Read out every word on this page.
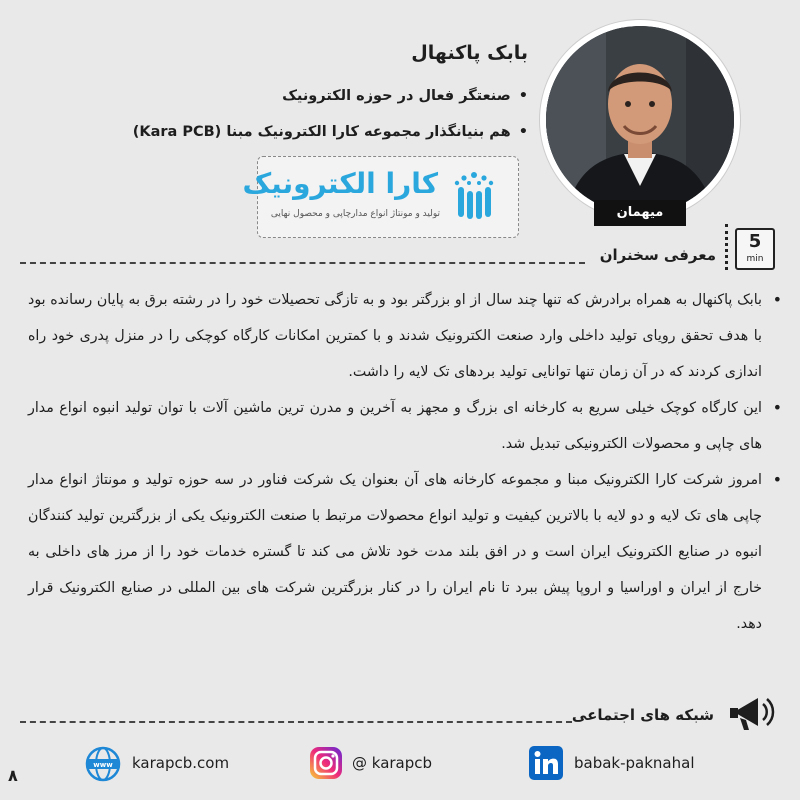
بابک پاکنهال
•صنعتگر فعال در حوزه الکترونیک
•هم بنیانگذار مجموعه کارا الکترونیک مبنا (Kara PCB)
کارا الکترونیک
تولید و مونتاژ انواع مدارچاپی و محصول نهایی	میهمان
معرفی سخنران
5
min

• بابک پاکنهال به همراه برادرش که تنها چند سال از او بزرگتر بود و به تازگی تحصیلات خود را در رشته برق به پایان رسانده بود با هدف تحقق رویای تولید داخلی وارد صنعت الکترونیک شدند و با کمترین امکانات کارگاه کوچکی را در منزل پدری خود راه اندازی کردند که در آن زمان تنها توانایی تولید بردهای تک لایه را داشت.

• این کارگاه کوچک خیلی سریع به کارخانه ای بزرگ و مجهز به آخرین و مدرن ترین ماشین آلات با توان تولید انبوه انواع مدار های چاپی و محصولات الکترونیکی تبدیل شد.

• امروز شرکت کارا الکترونیک مبنا و مجموعه کارخانه های آن بعنوان یک شرکت فناور در سه حوزه تولید و مونتاژ انواع مدار چاپی های تک لایه و دو لایه با بالاترین کیفیت و تولید انواع محصولات مرتبط با صنعت الکترونیک یکی از بزرگترین تولید کنندگان انبوه در صنایع الکترونیک ایران است و در افق بلند مدت خود تلاش می کند تا گستره خدمات خود را از مرز های داخلی به خارج از ایران و اوراسیا و اروپا پیش ببرد تا نام ایران را در کنار بزرگترین شرکت های بین المللی در صنایع الکترونیک قرار دهد.

شبکه های اجتماعی
www karapcb.com	@ karapcb	babak-paknahal
۸
